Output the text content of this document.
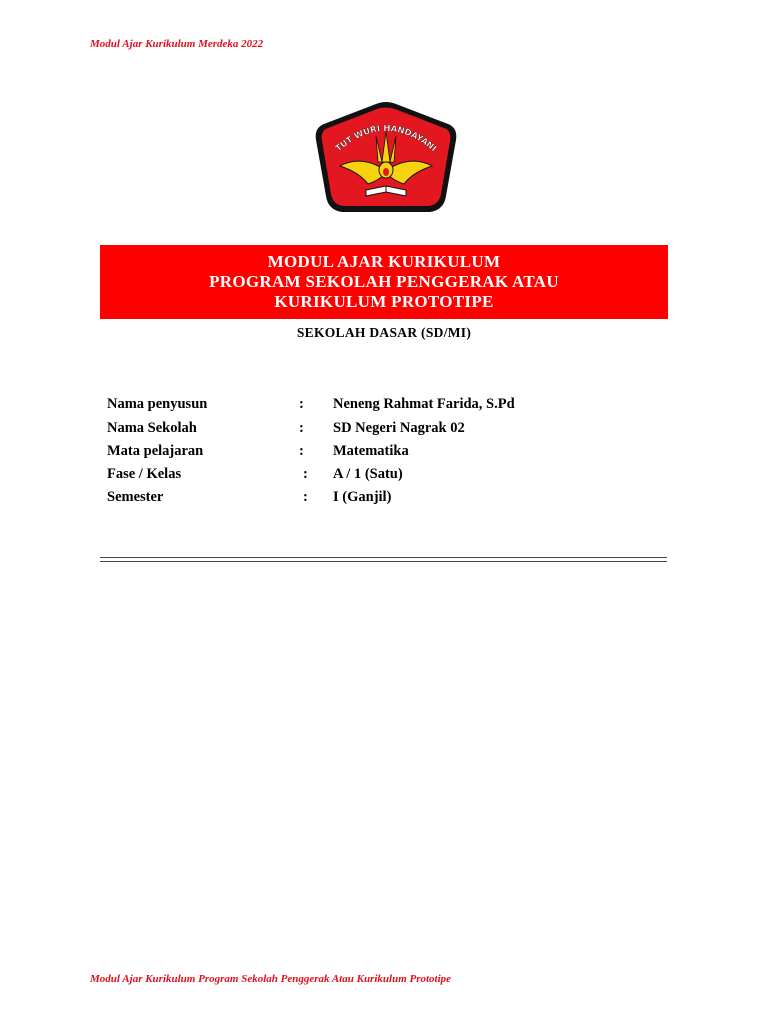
Modul Ajar Kurikulum Merdeka 2022
TUT WURI HANDAYANI
MODUL AJAR KURIKULUM
PROGRAM SEKOLAH PENGGERAK ATAU
KURIKULUM PROTOTIPE
SEKOLAH DASAR (SD/MI)
Nama penyusun	: Neneng Rahmat Farida, S.Pd
Nama Sekolah	: SD Negeri Nagrak 02
Mata pelajaran	: Matematika
Fase / Kelas	: A / 1 (Satu)
Semester	: I (Ganjil)
Modul Ajar Kurikulum Program Sekolah Penggerak Atau Kurikulum Prototipe
